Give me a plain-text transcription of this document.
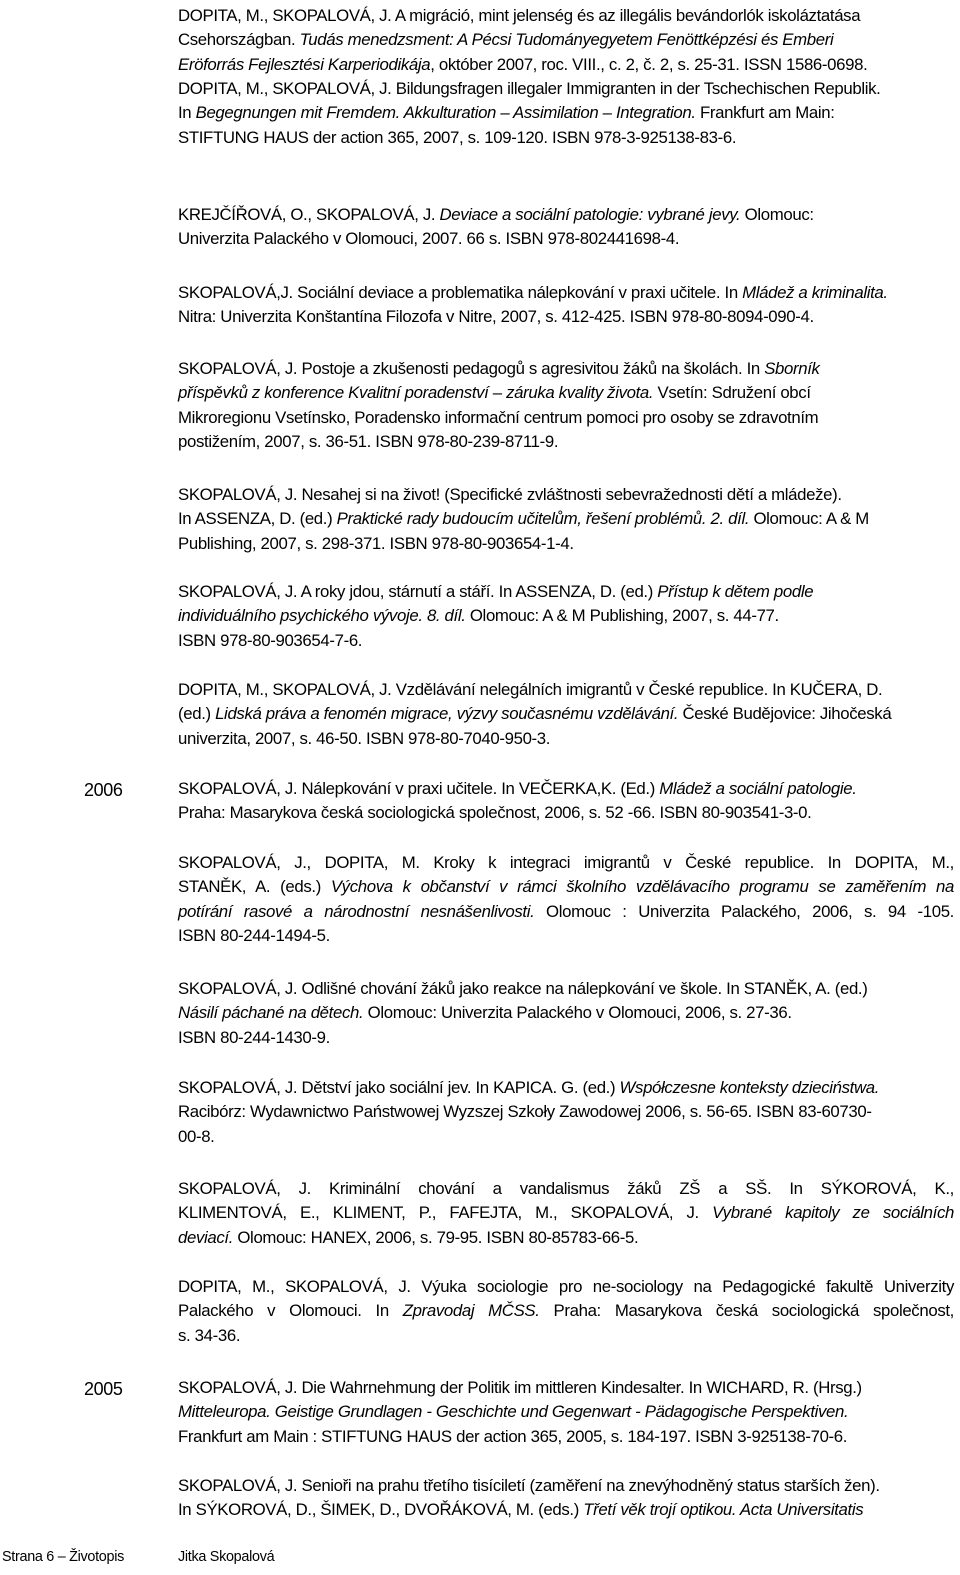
2006
2005
DOPITA, M., SKOPALOVÁ, J. A migráció, mint jelenség és az illegális bevándorlók iskoláztatása
Csehországban. Tudás menedzsment: A Pécsi Tudományegyetem Fenöttképzési és Emberi
Eröforrás Fejlesztési Karperiodikája, október 2007, roc. VIII., c. 2, č. 2, s. 25-31. ISSN 1586-0698.
DOPITA, M., SKOPALOVÁ, J. Bildungsfragen illegaler Immigranten in der Tschechischen Republik.
In Begegnungen mit Fremdem. Akkulturation – Assimilation – Integration. Frankfurt am Main:
STIFTUNG HAUS der action 365, 2007, s. 109-120. ISBN 978-3-925138-83-6.
KREJČÍŘOVÁ, O., SKOPALOVÁ, J. Deviace a sociální patologie: vybrané jevy. Olomouc:
Univerzita Palackého v Olomouci, 2007. 66 s. ISBN 978-802441698-4.
SKOPALOVÁ,J. Sociální deviace a problematika nálepkování v praxi učitele. In Mládež a kriminalita.
Nitra: Univerzita Konštantína Filozofa v Nitre, 2007, s. 412-425. ISBN 978-80-8094-090-4.
SKOPALOVÁ, J. Postoje a zkušenosti pedagogů s agresivitou žáků na školách. In Sborník
příspěvků z konference Kvalitní poradenství – záruka kvality života. Vsetín: Sdružení obcí
Mikroregionu Vsetínsko, Poradensko informační centrum pomoci pro osoby se zdravotním
postižením, 2007, s. 36-51. ISBN 978-80-239-8711-9.
SKOPALOVÁ, J. Nesahej si na život! (Specifické zvláštnosti sebevražednosti dětí a mládeže).
In ASSENZA, D. (ed.) Praktické rady budoucím učitelům, řešení problémů. 2. díl. Olomouc: A & M
Publishing, 2007, s. 298-371. ISBN 978-80-903654-1-4.
SKOPALOVÁ, J. A roky jdou, stárnutí a stáří. In ASSENZA, D. (ed.) Přístup k dětem podle
individuálního psychického vývoje. 8. díl. Olomouc: A & M Publishing, 2007, s. 44-77.
ISBN 978-80-903654-7-6.
DOPITA, M., SKOPALOVÁ, J. Vzdělávání nelegálních imigrantů v České republice. In KUČERA, D.
(ed.) Lidská práva a fenomén migrace, výzvy současnému vzdělávání. České Budějovice: Jihočeská
univerzita, 2007, s. 46-50. ISBN 978-80-7040-950-3.
SKOPALOVÁ, J. Nálepkování v praxi učitele. In VEČERKA,K. (Ed.) Mládež a sociální patologie.
Praha: Masarykova česká sociologická společnost, 2006, s. 52 -66. ISBN 80-903541-3-0.
SKOPALOVÁ, J., DOPITA, M. Kroky k integraci imigrantů v České republice. In DOPITA, M.,
STANĚK, A. (eds.) Výchova k občanství v rámci školního vzdělávacího programu se zaměřením na
potírání rasové a národnostní nesnášenlivosti. Olomouc : Univerzita Palackého, 2006, s. 94 -105.
ISBN 80-244-1494-5.
SKOPALOVÁ, J. Odlišné chování žáků jako reakce na nálepkování ve škole. In STANĚK, A. (ed.)
Násilí páchané na dětech. Olomouc: Univerzita Palackého v Olomouci, 2006, s. 27-36.
ISBN 80-244-1430-9.
SKOPALOVÁ, J. Dětství jako sociální jev. In KAPICA. G. (ed.) Współczesne konteksty dzieciństwa.
Racibórz: Wydawnictwo Państwowej Wyzszej Szkoły Zawodowej 2006, s. 56-65. ISBN 83-60730-
00-8.
SKOPALOVÁ, J. Kriminální chování a vandalismus žáků ZŠ a SŠ. In SÝKOROVÁ, K.,
KLIMENTOVÁ, E., KLIMENT, P., FAFEJTA, M., SKOPALOVÁ, J. Vybrané kapitoly ze sociálních
deviací. Olomouc: HANEX, 2006, s. 79-95. ISBN 80-85783-66-5.
DOPITA, M., SKOPALOVÁ, J. Výuka sociologie pro ne-sociology na Pedagogické fakultě Univerzity
Palackého v Olomouci. In Zpravodaj MČSS. Praha: Masarykova česká sociologická společnost,
s. 34-36.
SKOPALOVÁ, J. Die Wahrnehmung der Politik im mittleren Kindesalter. In WICHARD, R. (Hrsg.)
Mitteleuropa. Geistige Grundlagen - Geschichte und Gegenwart - Pädagogische Perspektiven.
Frankfurt am Main : STIFTUNG HAUS der action 365, 2005, s. 184-197. ISBN 3-925138-70-6.
SKOPALOVÁ, J. Senioři na prahu třetího tisíciletí (zaměření na znevýhodněný status starších žen).
In SÝKOROVÁ, D., ŠIMEK, D., DVOŘÁKOVÁ, M. (eds.) Třetí věk trojí optikou. Acta Universitatis
Strana 6 – Životopis	Jitka Skopalová
